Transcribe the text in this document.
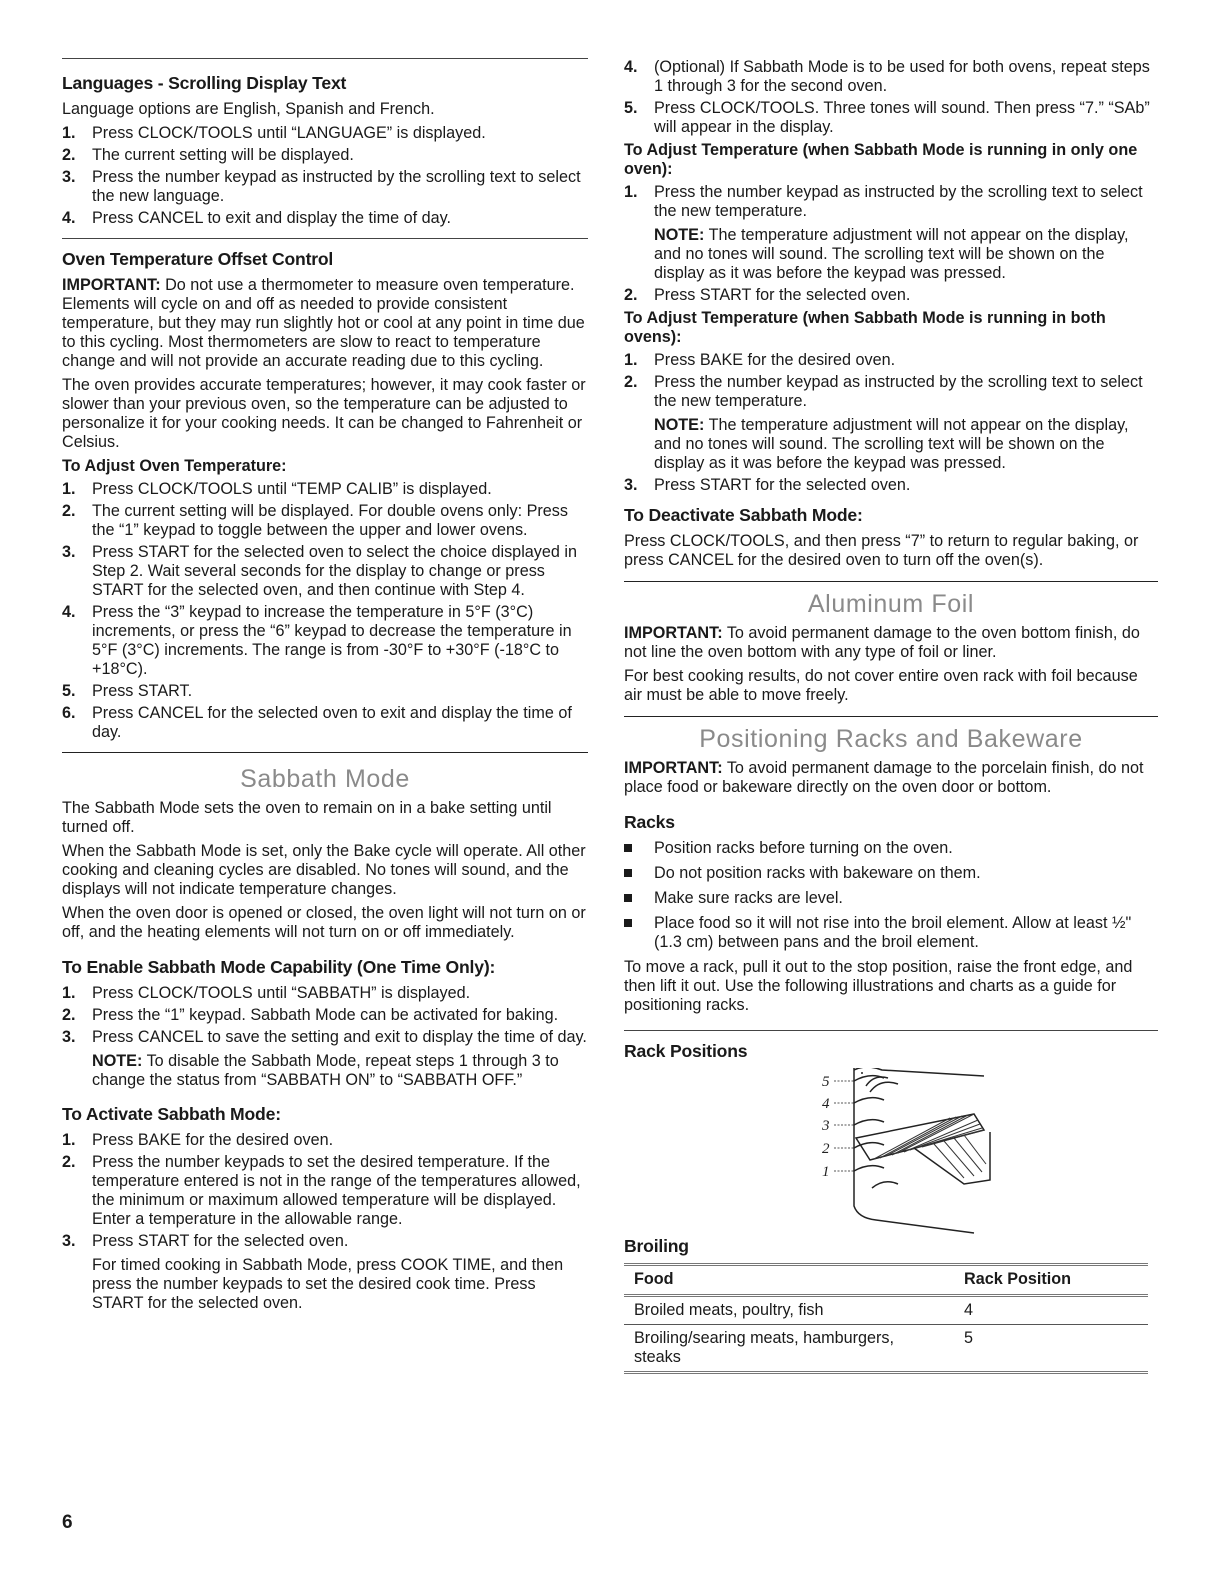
Languages - Scrolling Display Text

Language options are English, Spanish and French.

1. Press CLOCK/TOOLS until “LANGUAGE” is displayed.
2. The current setting will be displayed.
3. Press the number keypad as instructed by the scrolling text to select the new language.
4. Press CANCEL to exit and display the time of day.
Oven Temperature Offset Control

IMPORTANT: Do not use a thermometer to measure oven temperature. Elements will cycle on and off as needed to provide consistent temperature, but they may run slightly hot or cool at any point in time due to this cycling. Most thermometers are slow to react to temperature change and will not provide an accurate reading due to this cycling.

The oven provides accurate temperatures; however, it may cook faster or slower than your previous oven, so the temperature can be adjusted to personalize it for your cooking needs. It can be changed to Fahrenheit or Celsius.

To Adjust Oven Temperature:
1. Press CLOCK/TOOLS until “TEMP CALIB” is displayed.
2. The current setting will be displayed. For double ovens only: Press the “1” keypad to toggle between the upper and lower ovens.
3. Press START for the selected oven to select the choice displayed in Step 2. Wait several seconds for the display to change or press START for the selected oven, and then continue with Step 4.
4. Press the “3” keypad to increase the temperature in 5°F (3°C) increments, or press the “6” keypad to decrease the temperature in 5°F (3°C) increments. The range is from -30°F to +30°F (-18°C to +18°C).
5. Press START.
6. Press CANCEL for the selected oven to exit and display the time of day.
Sabbath Mode

The Sabbath Mode sets the oven to remain on in a bake setting until turned off.

When the Sabbath Mode is set, only the Bake cycle will operate. All other cooking and cleaning cycles are disabled. No tones will sound, and the displays will not indicate temperature changes.

When the oven door is opened or closed, the oven light will not turn on or off, and the heating elements will not turn on or off immediately.

To Enable Sabbath Mode Capability (One Time Only):
1. Press CLOCK/TOOLS until “SABBATH” is displayed.
2. Press the “1” keypad. Sabbath Mode can be activated for baking.
3. Press CANCEL to save the setting and exit to display the time of day.
NOTE: To disable the Sabbath Mode, repeat steps 1 through 3 to change the status from “SABBATH ON” to “SABBATH OFF.”
To Activate Sabbath Mode:
1. Press BAKE for the desired oven.
2. Press the number keypads to set the desired temperature. If the temperature entered is not in the range of the temperatures allowed, the minimum or maximum allowed temperature will be displayed. Enter a temperature in the allowable range.
3. Press START for the selected oven.
For timed cooking in Sabbath Mode, press COOK TIME, and then press the number keypads to set the desired cook time. Press START for the selected oven.
4. (Optional) If Sabbath Mode is to be used for both ovens, repeat steps 1 through 3 for the second oven.
5. Press CLOCK/TOOLS. Three tones will sound. Then press “7.” “SAb” will appear in the display.
To Adjust Temperature (when Sabbath Mode is running in only one oven):
1. Press the number keypad as instructed by the scrolling text to select the new temperature.
NOTE: The temperature adjustment will not appear on the display, and no tones will sound. The scrolling text will be shown on the display as it was before the keypad was pressed.
2. Press START for the selected oven.
To Adjust Temperature (when Sabbath Mode is running in both ovens):
1. Press BAKE for the desired oven.
2. Press the number keypad as instructed by the scrolling text to select the new temperature.
NOTE: The temperature adjustment will not appear on the display, and no tones will sound. The scrolling text will be shown on the display as it was before the keypad was pressed.
3. Press START for the selected oven.
To Deactivate Sabbath Mode:

Press CLOCK/TOOLS, and then press “7” to return to regular baking, or press CANCEL for the desired oven to turn off the oven(s).

Aluminum Foil

IMPORTANT: To avoid permanent damage to the oven bottom finish, do not line the oven bottom with any type of foil or liner.

For best cooking results, do not cover entire oven rack with foil because air must be able to move freely.

Positioning Racks and Bakeware

IMPORTANT: To avoid permanent damage to the porcelain finish, do not place food or bakeware directly on the oven door or bottom.

Racks
Position racks before turning on the oven.
Do not position racks with bakeware on them.
Make sure racks are level.
Place food so it will not rise into the broil element. Allow at least ½" (1.3 cm) between pans and the broil element.

To move a rack, pull it out to the stop position, raise the front edge, and then lift it out. Use the following illustrations and charts as a guide for positioning racks.

Rack Positions
5
4
3
2
1
Broiling
Food	Rack Position
Broiled meats, poultry, fish	4
Broiling/searing meats, hamburgers, steaks	5
6
